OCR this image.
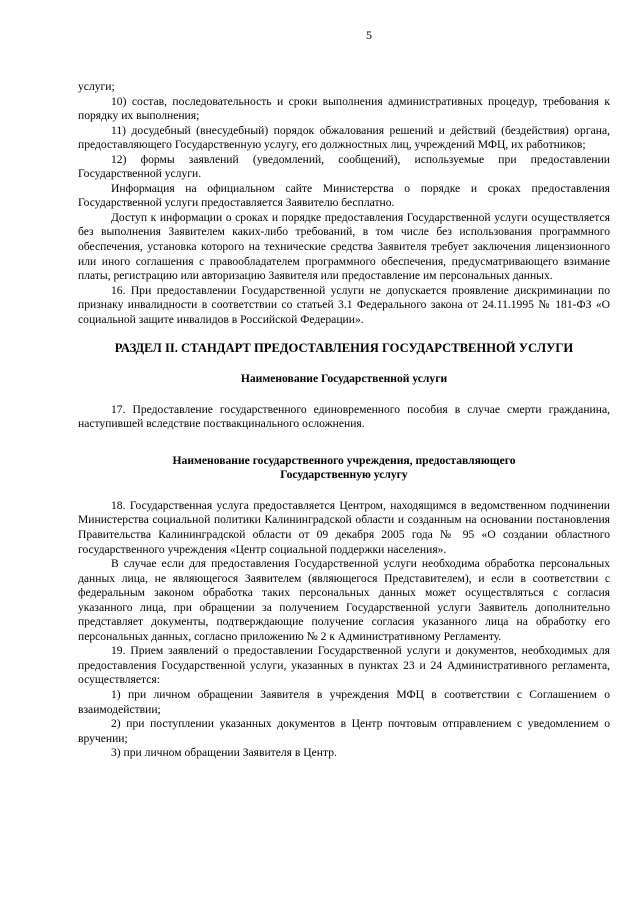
5

услуги;

10) состав, последовательность и сроки выполнения административных процедур, требования к порядку их выполнения;

11) досудебный (внесудебный) порядок обжалования решений и действий (бездействия) органа, предоставляющего Государственную услугу, его должностных лиц, учреждений МФЦ, их работников;

12) формы заявлений (уведомлений, сообщений), используемые при предоставлении Государственной услуги.

Информация на официальном сайте Министерства о порядке и сроках предоставления Государственной услуги предоставляется Заявителю бесплатно.

Доступ к информации о сроках и порядке предоставления Государственной услуги осуществляется без выполнения Заявителем каких-либо требований, в том числе без использования программного обеспечения, установка которого на технические средства Заявителя требует заключения лицензионного или иного соглашения с правообладателем программного обеспечения, предусматривающего взимание платы, регистрацию или авторизацию Заявителя или предоставление им персональных данных.

16. При предоставлении Государственной услуги не допускается проявление дискриминации по признаку инвалидности в соответствии со статьей 3.1 Федерального закона от 24.11.1995 № 181-ФЗ «О социальной защите инвалидов в Российской Федерации».

РАЗДЕЛ II. СТАНДАРТ ПРЕДОСТАВЛЕНИЯ ГОСУДАРСТВЕННОЙ УСЛУГИ
Наименование Государственной услуги

17. Предоставление государственного единовременного пособия в случае смерти гражданина, наступившей вследствие поствакцинального осложнения.

Наименование государственного учреждения, предоставляющего
Государственную услугу

18. Государственная услуга предоставляется Центром, находящимся в ведомственном подчинении Министерства социальной политики Калининградской области и созданным на основании постановления Правительства Калининградской области от 09 декабря 2005 года № 95 «О создании областного государственного учреждения «Центр социальной поддержки населения».

В случае если для предоставления Государственной услуги необходима обработка персональных данных лица, не являющегося Заявителем (являющегося Представителем), и если в соответствии с федеральным законом обработка таких персональных данных может осуществляться с согласия указанного лица, при обращении за получением Государственной услуги Заявитель дополнительно представляет документы, подтверждающие получение согласия указанного лица на обработку его персональных данных, согласно приложению № 2 к Административному Регламенту.

19. Прием заявлений о предоставлении Государственной услуги и документов, необходимых для предоставления Государственной услуги, указанных в пунктах 23 и 24 Административного регламента, осуществляется:

1) при личном обращении Заявителя в учреждения МФЦ в соответствии с Соглашением о взаимодействии;

2) при поступлении указанных документов в Центр почтовым отправлением с уведомлением о вручении;

3) при личном обращении Заявителя в Центр.
